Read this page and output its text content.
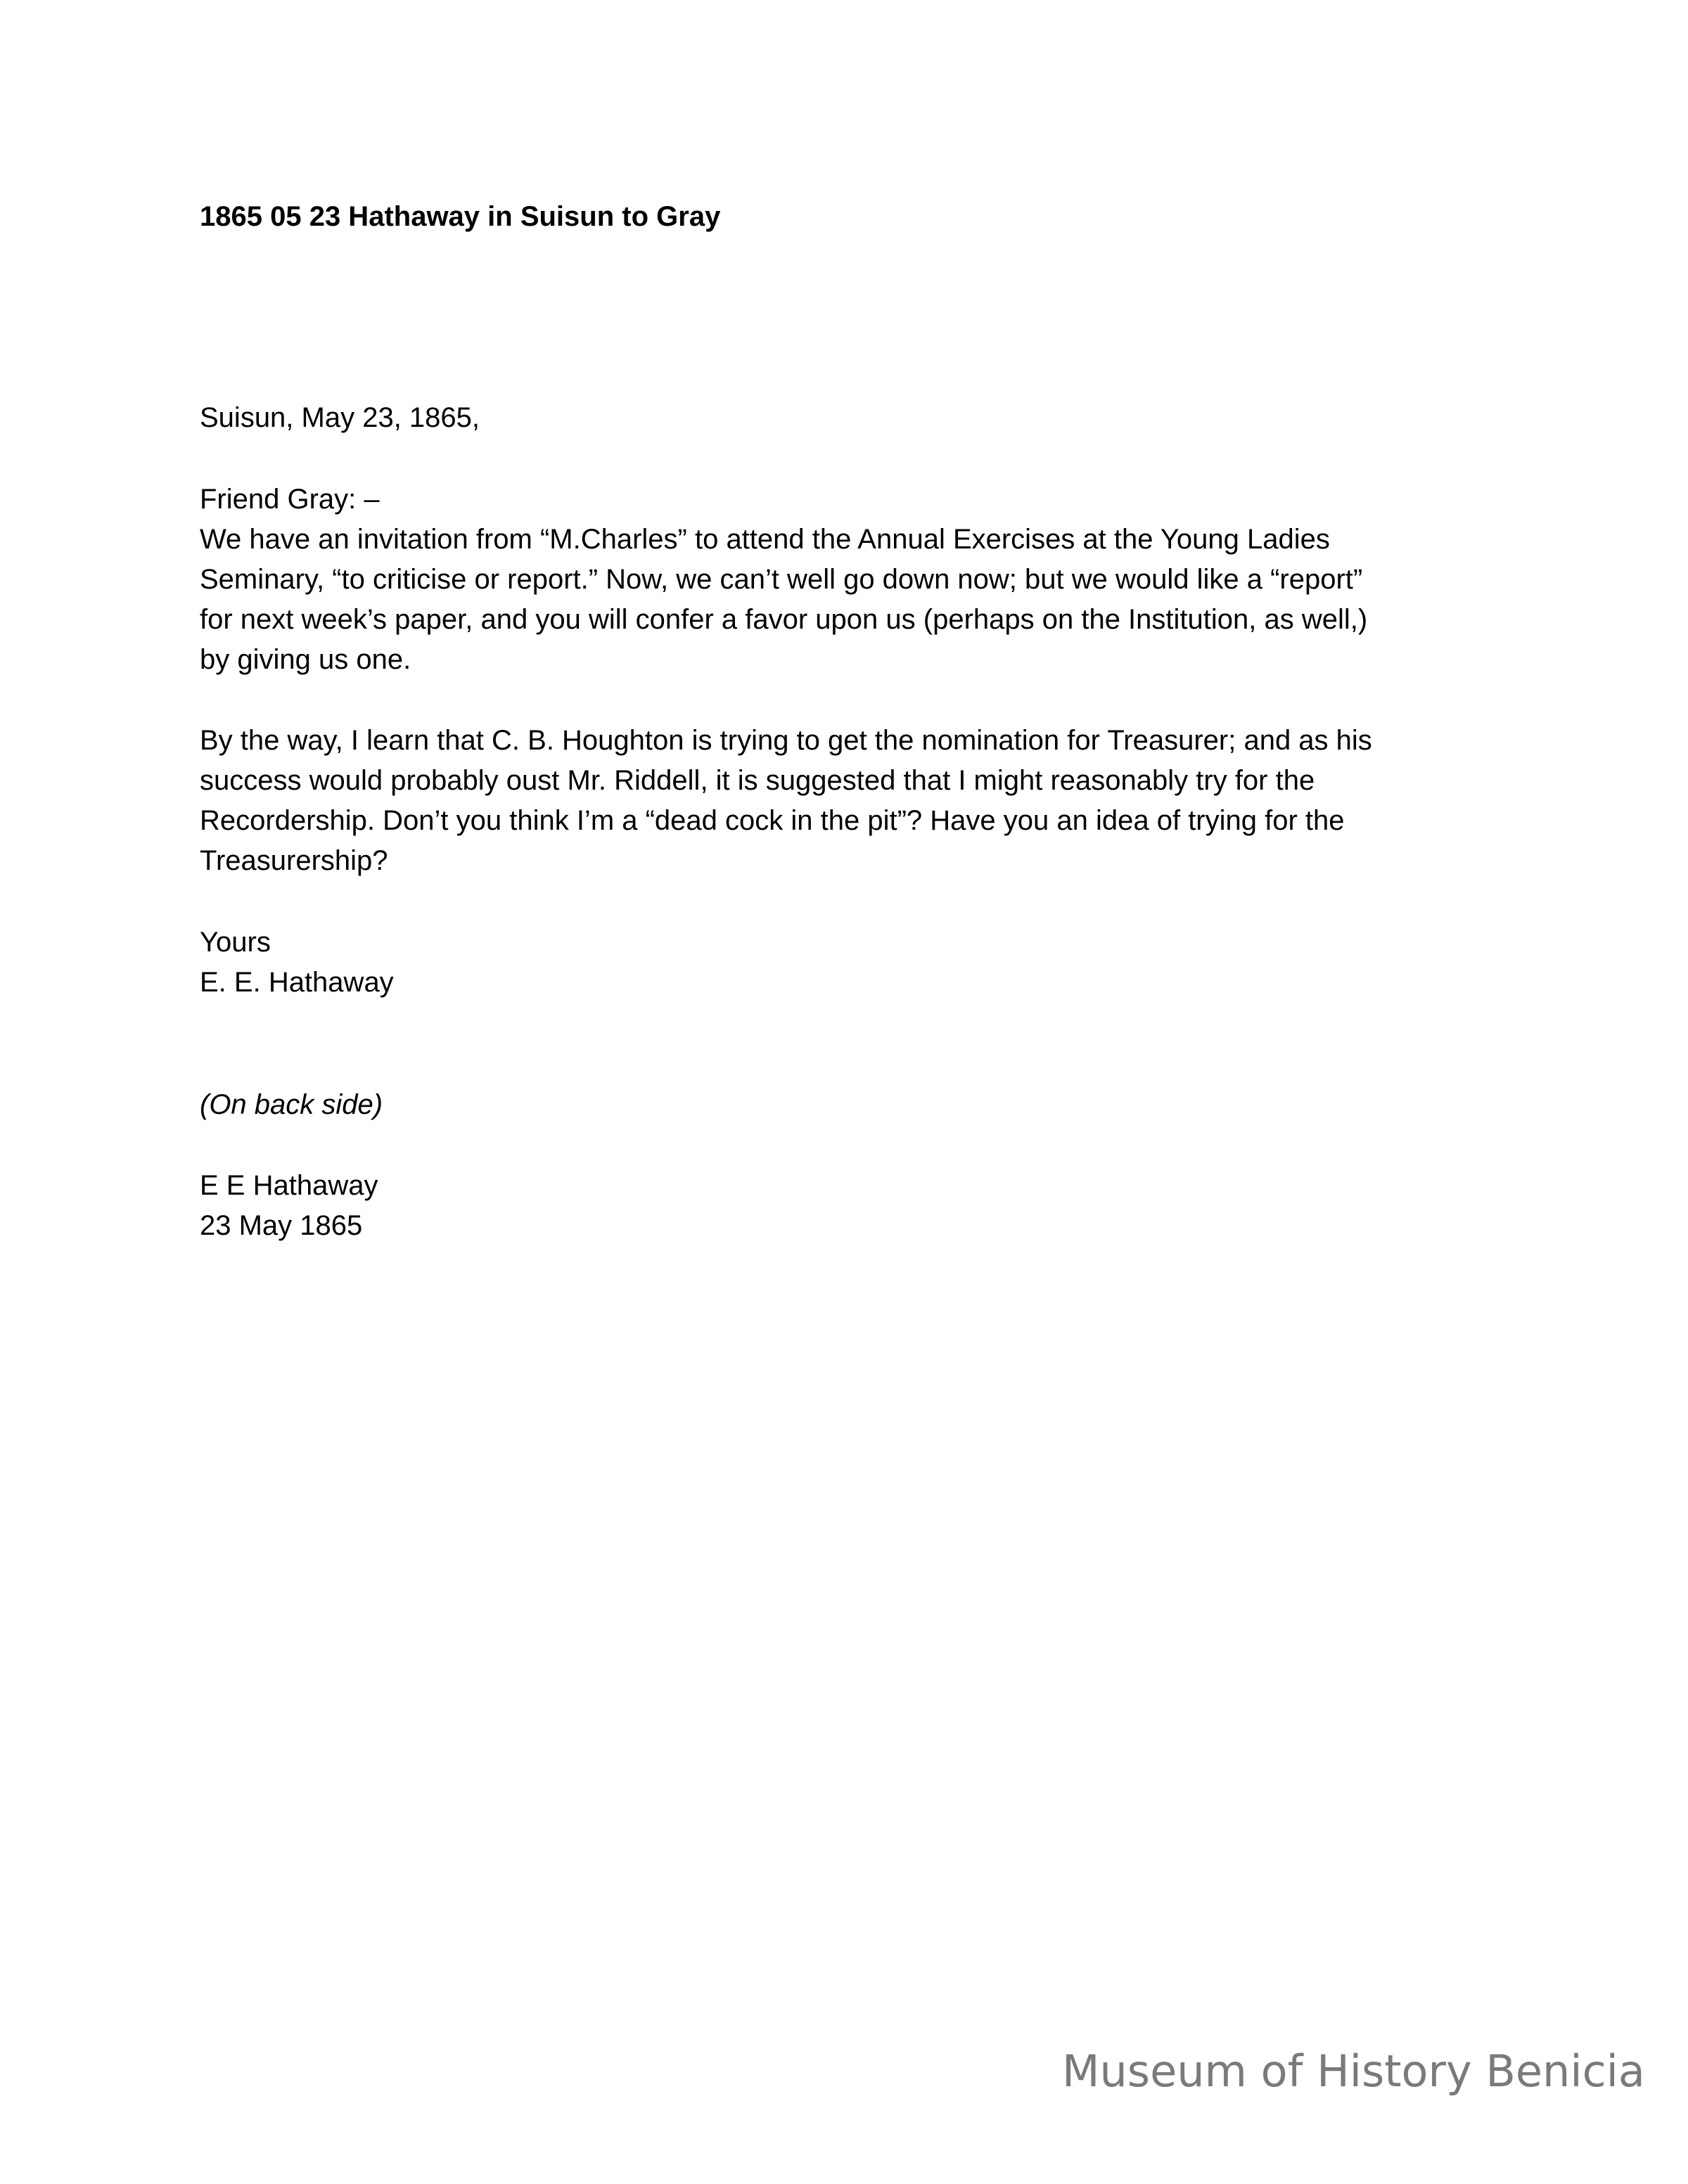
1865 05 23 Hathaway in Suisun to Gray
Suisun, May 23, 1865,
Friend Gray: –
We have an invitation from “M.Charles” to attend the Annual Exercises at the Young Ladies
Seminary, “to criticise or report.” Now, we can’t well go down now; but we would like a “report”
for next week’s paper, and you will confer a favor upon us (perhaps on the Institution, as well,)
by giving us one.
By the way, I learn that C. B. Houghton is trying to get the nomination for Treasurer; and as his
success would probably oust Mr. Riddell, it is suggested that I might reasonably try for the
Recordership. Don’t you think I’m a “dead cock in the pit”? Have you an idea of trying for the
Treasurership?
Yours
E. E. Hathaway
(On back side)
E E Hathaway
23 May 1865
Museum of History Benicia
